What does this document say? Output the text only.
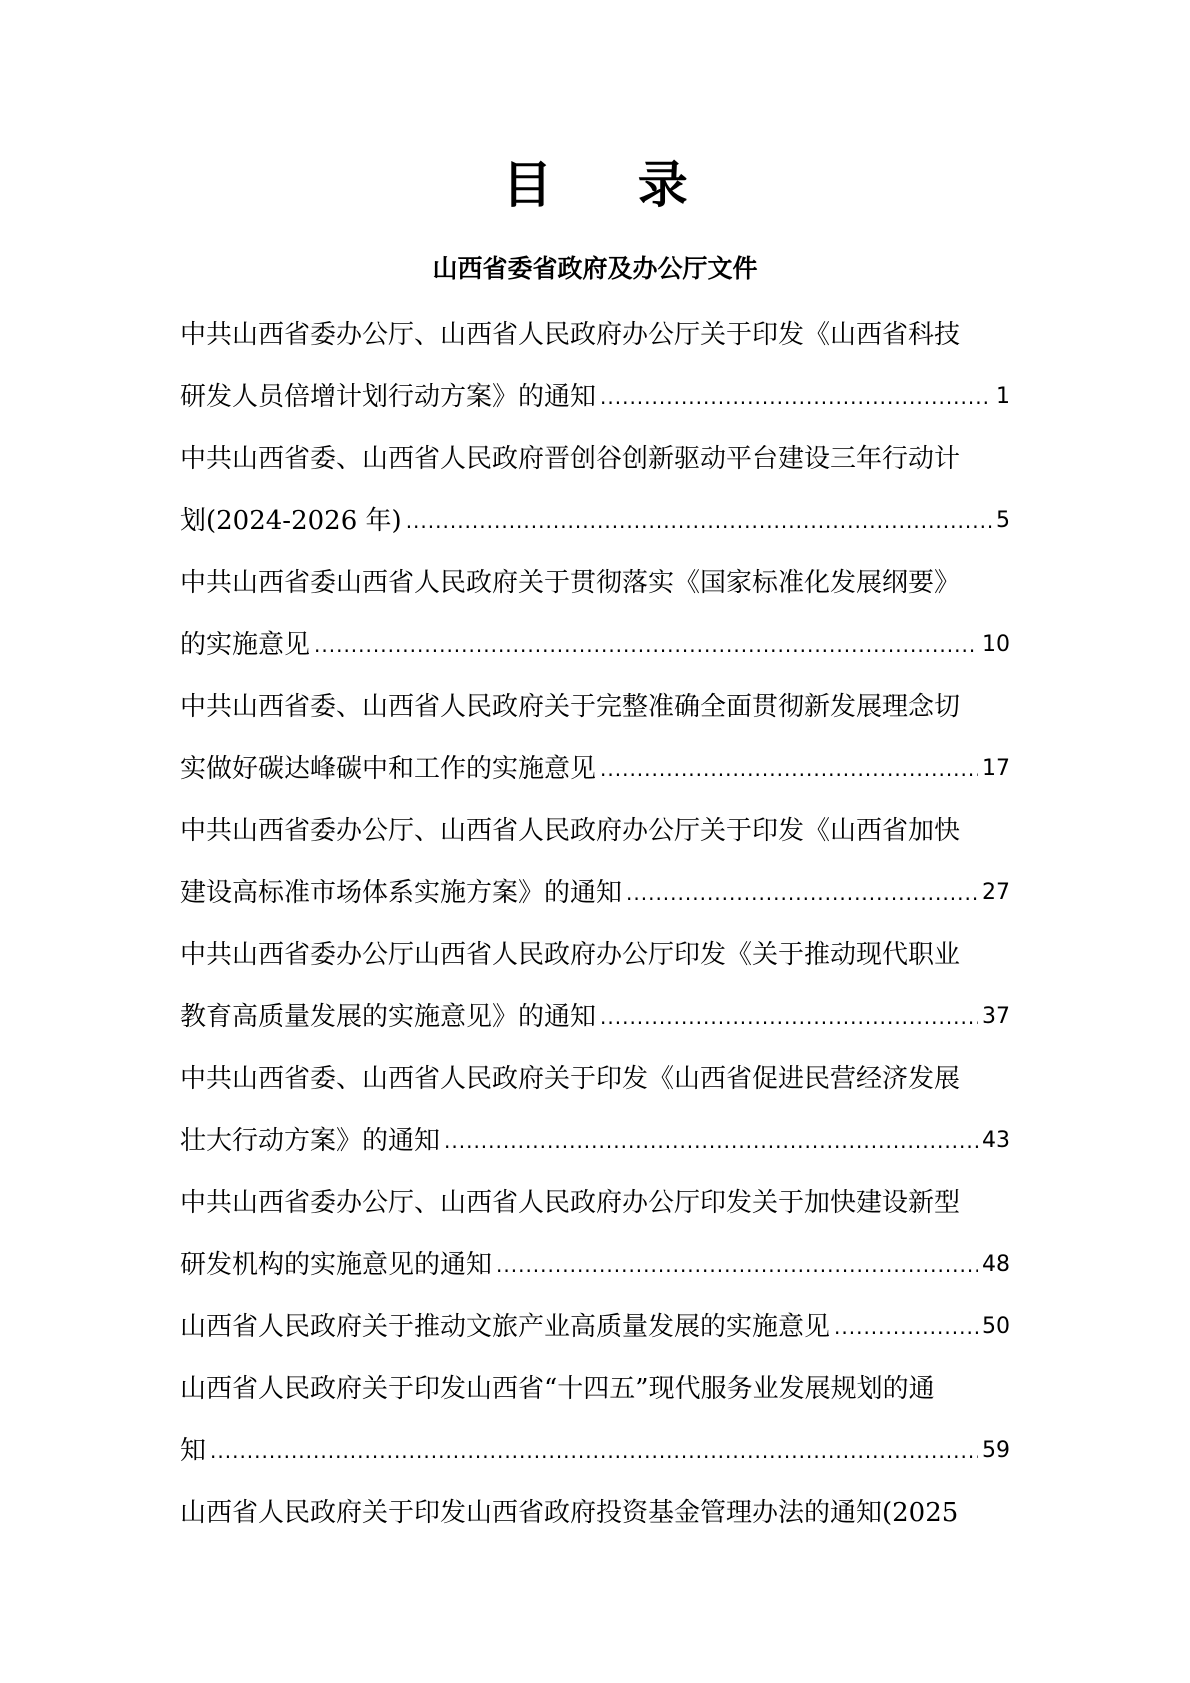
目 录
山西省委省政府及办公厅文件
中共山西省委办公厅、山西省人民政府办公厅关于印发《山西省科技
研发人员倍增计划行动方案》的通知 .....	1
中共山西省委、山西省人民政府晋创谷创新驱动平台建设三年行动计
划(2024-2026 年) .....	5
中共山西省委山西省人民政府关于贯彻落实《国家标准化发展纲要》
的实施意见 .....	10
中共山西省委、山西省人民政府关于完整准确全面贯彻新发展理念切
实做好碳达峰碳中和工作的实施意见 .....	17
中共山西省委办公厅、山西省人民政府办公厅关于印发《山西省加快
建设高标准市场体系实施方案》的通知 .....	27
中共山西省委办公厅山西省人民政府办公厅印发《关于推动现代职业
教育高质量发展的实施意见》的通知 .....	37
中共山西省委、山西省人民政府关于印发《山西省促进民营经济发展
壮大行动方案》的通知 .....	43
中共山西省委办公厅、山西省人民政府办公厅印发关于加快建设新型
研发机构的实施意见的通知 .....	48
山西省人民政府关于推动文旅产业高质量发展的实施意见 .....	50
山西省人民政府关于印发山西省“十四五”现代服务业发展规划的通
知 .....	59
山西省人民政府关于印发山西省政府投资基金管理办法的通知(2025
